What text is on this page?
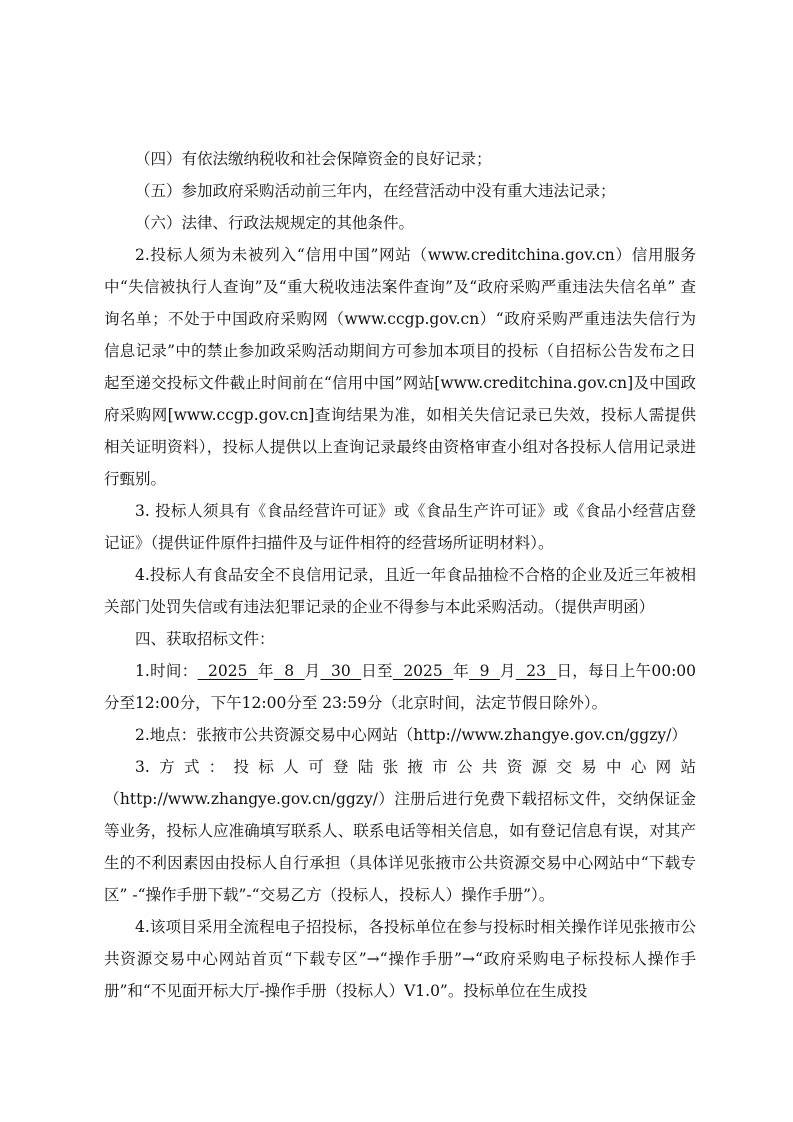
（四）有依法缴纳税收和社会保障资金的良好记录；

（五）参加政府采购活动前三年内，在经营活动中没有重大违法记录；

（六）法律、行政法规规定的其他条件。

2.投标人须为未被列入“信用中国”网站（www.creditchina.gov.cn）信用服务中“失信被执行人查询”及“重大税收违法案件查询”及“政府采购严重违法失信名单” 查询名单；不处于中国政府采购网（www.ccgp.gov.cn）“政府采购严重违法失信行为信息记录”中的禁止参加政采购活动期间方可参加本项目的投标（自招标公告发布之日起至递交投标文件截止时间前在“信用中国”网站[www.creditchina.gov.cn]及中国政府采购网[www.ccgp.gov.cn]查询结果为准，如相关失信记录已失效，投标人需提供相关证明资料），投标人提供以上查询记录最终由资格审查小组对各投标人信用记录进行甄别。

3. 投标人须具有《食品经营许可证》或《食品生产许可证》或《食品小经营店登记证》（提供证件原件扫描件及与证件相符的经营场所证明材料）。

4.投标人有食品安全不良信用记录，且近一年食品抽检不合格的企业及近三年被相关部门处罚失信或有违法犯罪记录的企业不得参与本此采购活动。（提供声明函）

四、获取招标文件：

1.时间：  2025  年  8  月  30  日至  2025  年  9  月  23  日，每日上午00:00 分至12:00分，下午12:00分至 23:59分（北京时间，法定节假日除外）。

2.地点：张掖市公共资源交易中心网站（http://www.zhangye.gov.cn/ggzy/）

3.方式：投标人可登陆张掖市公共资源交易中心网站（http://www.zhangye.gov.cn/ggzy/）注册后进行免费下载招标文件，交纳保证金等业务，投标人应准确填写联系人、联系电话等相关信息，如有登记信息有误，对其产生的不利因素因由投标人自行承担（具体详见张掖市公共资源交易中心网站中“下载专区” -“操作手册下载”-“交易乙方（投标人，投标人）操作手册”）。

4.该项目采用全流程电子招投标，各投标单位在参与投标时相关操作详见张掖市公 共资源交易中心网站首页“下载专区”→“操作手册”→“政府采购电子标投标人操作手册”和“不见面开标大厅-操作手册（投标人）V1.0”。投标单位在生成投
